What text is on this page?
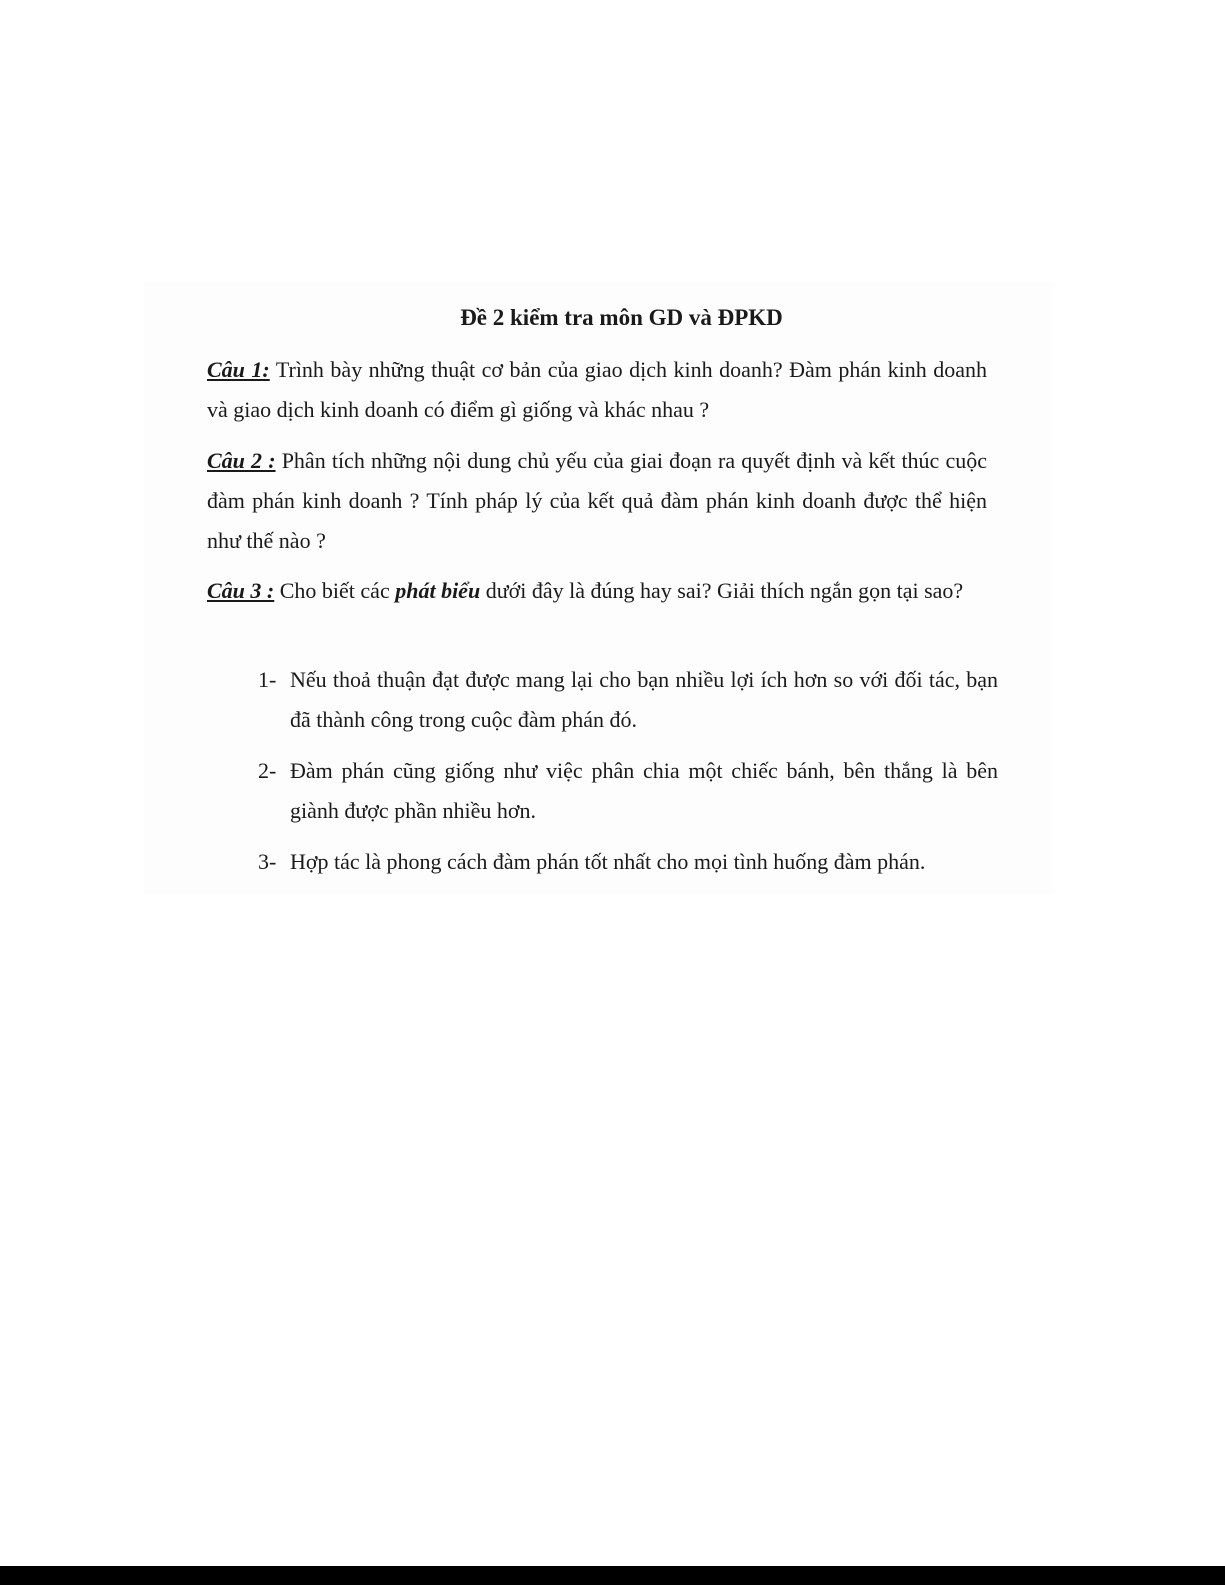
Đề 2 kiểm tra môn GD và ĐPKD

Câu 1: Trình bày những thuật cơ bản của giao dịch kinh doanh? Đàm phán kinh doanh và giao dịch kinh doanh có điểm gì giống và khác nhau ?

Câu 2 : Phân tích những nội dung chủ yếu của giai đoạn ra quyết định và kết thúc cuộc đàm phán kinh doanh ? Tính pháp lý của kết quả đàm phán kinh doanh được thể hiện như thế nào ?

Câu 3 : Cho biết các phát biểu dưới đây là đúng hay sai? Giải thích ngắn gọn tại sao?

1- Nếu thoả thuận đạt được mang lại cho bạn nhiều lợi ích hơn so với đối tác, bạn đã thành công trong cuộc đàm phán đó.
2- Đàm phán cũng giống như việc phân chia một chiếc bánh, bên thắng là bên giành được phần nhiều hơn.
3- Hợp tác là phong cách đàm phán tốt nhất cho mọi tình huống đàm phán.
